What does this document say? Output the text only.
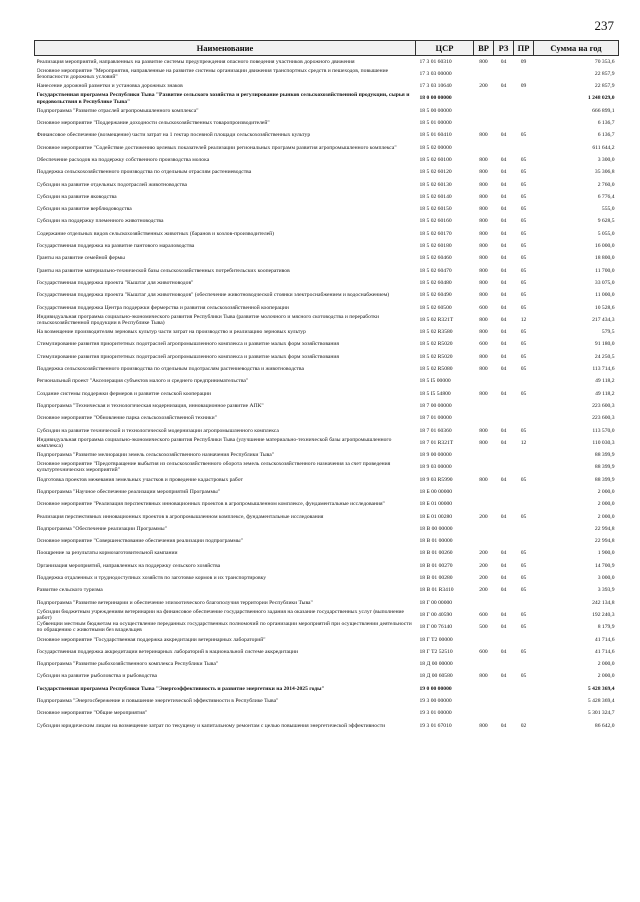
237
Наименование	ЦСР	ВР	РЗ	ПР	Сумма на год

Реализация мероприятий, направленных на развитие системы предупреждения опасного поведения участников дорожного движения	17 3 01 60310	800	04	09	70 353,6

Основное мероприятие "Мероприятия, направленные на развитие системы организации движения транспортных средств и пешеходов, повышение безопасности дорожных условий"	17 3 03 00000				22 857,9

Нанесение дорожной разметки и установка дорожных знаков	17 3 03 10640	200	04	09	22 857,9

Государственная программа Республики Тыва "Развитие сельского хозяйства и регулирование рынков сельскохозяйственной продукции, сырья и продовольствия в Республике Тыва"	18 0 00 00000				1 248 029,0

Подпрограмма "Развитие отраслей агропромышленного комплекса"	18 5 00 00000				666 899,1

Основное мероприятие "Поддержание доходности сельскохозяйственных товаропроизводителей"	18 5 01 00000				6 136,7

Финансовое обеспечение (возмещение) части затрат на 1 гектар посевной площади сельскохозяйственных культур	18 5 01 60410	800	04	05	6 136,7

Основное мероприятие "Содействие достижению целевых показателей реализации региональных программ развития агропромышленного комплекса"	18 5 02 00000				611 644,2

Обеспечение расходов на поддержку собственного производства молока	18 5 02 60100	800	04	05	3 300,0

Поддержка сельскохозяйственного производства по отдельным отраслям растениеводства	18 5 02 60120	800	04	05	35 306,8

Субсидии на развитие отдельных подотраслей животноводства	18 5 02 60130	800	04	05	2 760,0

Субсидии на развитие яководства	18 5 02 60140	800	04	05	6 776,4

Субсидии на развитие верблюдоводства	18 5 02 60150	800	04	05	555,0

Субсидии на поддержку племенного животноводства	18 5 02 60160	800	04	05	9 628,5

Содержание отдельных видов сельскохозяйственных животных (баранов и козлов-производителей)	18 5 02 60170	800	04	05	5 055,0

Государственная поддержка на развитие пантового мараловодства	18 5 02 60180	800	04	05	16 000,0

Гранты на развитие семейной фермы	18 5 02 60460	800	04	05	18 800,0

Гранты на развитие материально-технической базы сельскохозяйственных потребительских кооперативов	18 5 02 60470	800	04	05	11 700,0

Государственная поддержка проекта "Кыштаг для животноводов"	18 5 02 60480	800	04	05	33 075,0

Государственная поддержка проекта "Кыштаг для животноводов" (обеспечение животноводческой стоянки электроснабжением и водоснабжением)	18 5 02 60490	800	04	05	11 000,0

Государственная поддержка Центра поддержки фермерства и развития сельскохозяйственной кооперации	18 5 02 60500	600	04	05	10 528,6

Индивидуальная программа социально-экономического развития Республики Тыва (развитие молочного и мясного скотоводства и переработки сельскохозяйственной продукции в Республике Тыва)	18 5 02 R321T	800	04	12	217 434,3

На возмещение производителям зерновых культур части затрат на производство и реализацию зерновых культур	18 5 02 R3580	800	04	05	579,5

Стимулирование развития приоритетных подотраслей агропромышленного комплекса и развитие малых форм хозяйствования	18 5 02 R5020	600	04	05	91 180,0

Стимулирование развития приоритетных подотраслей агропромышленного комплекса и развитие малых форм хозяйствования	18 5 02 R5020	800	04	05	24 250,5

Поддержка сельскохозяйственного производства по отдельным подотраслям растениеводства и животноводства	18 5 02 R5080	800	04	05	113 714,6

Региональный проект "Акселерация субъектов малого и среднего предпринимательства"	18 5 I5 00000				49 118,2

Создание системы поддержки фермеров и развитие сельской кооперации	18 5 I5 54800	800	04	05	49 118,2

Подпрограмма "Техническая и технологическая модернизация, инновационное развитие АПК"	18 7 00 00000				223 600,3

Основное мероприятие "Обновление парка сельскохозяйственной техники"	18 7 01 00000				223 600,3

Субсидии на развитие технической и технологической модернизации агропромышленного комплекса	18 7 01 60360	800	04	05	113 570,0

Индивидуальная программа социально-экономического развития Республики Тыва (улучшение материально-технической базы агропромышленного комплекса)	18 7 01 R321T	800	04	12	110 030,3

Подпрограмма "Развитие мелиорации земель сельскохозяйственного назначения Республики Тыва"	18 9 00 00000				88 399,9

Основное мероприятие "Предотвращение выбытия из сельскохозяйственного оборота земель сельскохозяйственного назначения за счет проведения культуртехнических мероприятий"	18 9 03 00000				88 399,9

Подготовка проектов межевания земельных участков и проведение кадастровых работ	18 9 03 R5990	800	04	05	88 399,9

Подпрограмма "Научное обеспечение реализации мероприятий Программы"	18 Б 00 00000				2 000,0

Основное мероприятие "Реализация перспективных инновационных проектов в агропромышленном комплексе, фундаментальные исследования"	18 Б 01 00000				2 000,0

Реализация перспективных инновационных проектов в агропромышленном комплексе, фундаментальные исследования	18 Б 01 00280	200	04	05	2 000,0

Подпрограмма "Обеспечение реализации Программы"	18 В 00 00000				22 994,8

Основное мероприятие "Совершенствование обеспечения реализации подпрограммы"	18 В 01 00000				22 994,8

Поощрение за результаты кормозаготовительной кампании	18 В 01 00260	200	04	05	1 900,0

Организация мероприятий, направленных на поддержку сельского хозяйства	18 В 01 00270	200	04	05	14 700,9

Поддержка отдаленных и труднодоступных хозяйств по заготовке кормов и их транспортировку	18 В 01 00280	200	04	05	3 000,0

Развитие сельского туризма	18 В 01 R3410	200	04	05	3 393,9

Подпрограмма "Развитие ветеринарии и обеспечение эпизоотического благополучия территории Республики Тыва"	18 Г 00 00000				242 134,8

Субсидии бюджетным учреждениям ветеринарии на финансовое обеспечение государственного задания на оказание государственных услуг (выполнение работ)	18 Г 00 40590	600	04	05	192 240,3

Субвенции местным бюджетам на осуществление переданных государственных полномочий по организации мероприятий при осуществлении деятельности по обращению с животными без владельцев	18 Г 00 76140	500	04	05	8 179,9

Основное мероприятие "Государственная поддержка аккредитации ветеринарных лабораторий"	18 Г Т2 00000				41 714,6

Государственная поддержка аккредитации ветеринарных лабораторий в национальной системе аккредитации	18 Г Т2 52510	600	04	05	41 714,6

Подпрограмма "Развитие рыбохозяйственного комплекса Республики Тыва"	18 Д 00 00000				2 000,0

Субсидии на развитие рыболовства и рыбоводства	18 Д 00 60580	800	04	05	2 000,0

Государственная программа Республики Тыва "Энергоэффективность и развитие энергетики на 2014-2025 годы"	19 0 00 00000				5 428 369,4

Подпрограмма "Энергосбережение и повышение энергетической эффективности в Республике Тыва"	19 3 00 00000				5 428 369,4

Основное мероприятие "Общие мероприятия"	19 3 01 00000				5 301 324,7

Субсидии юридическим лицам на возмещение затрат по текущему и капитальному ремонтам с целью повышения энергетической эффективности	19 3 01 67010	800	04	02	86 642,0
